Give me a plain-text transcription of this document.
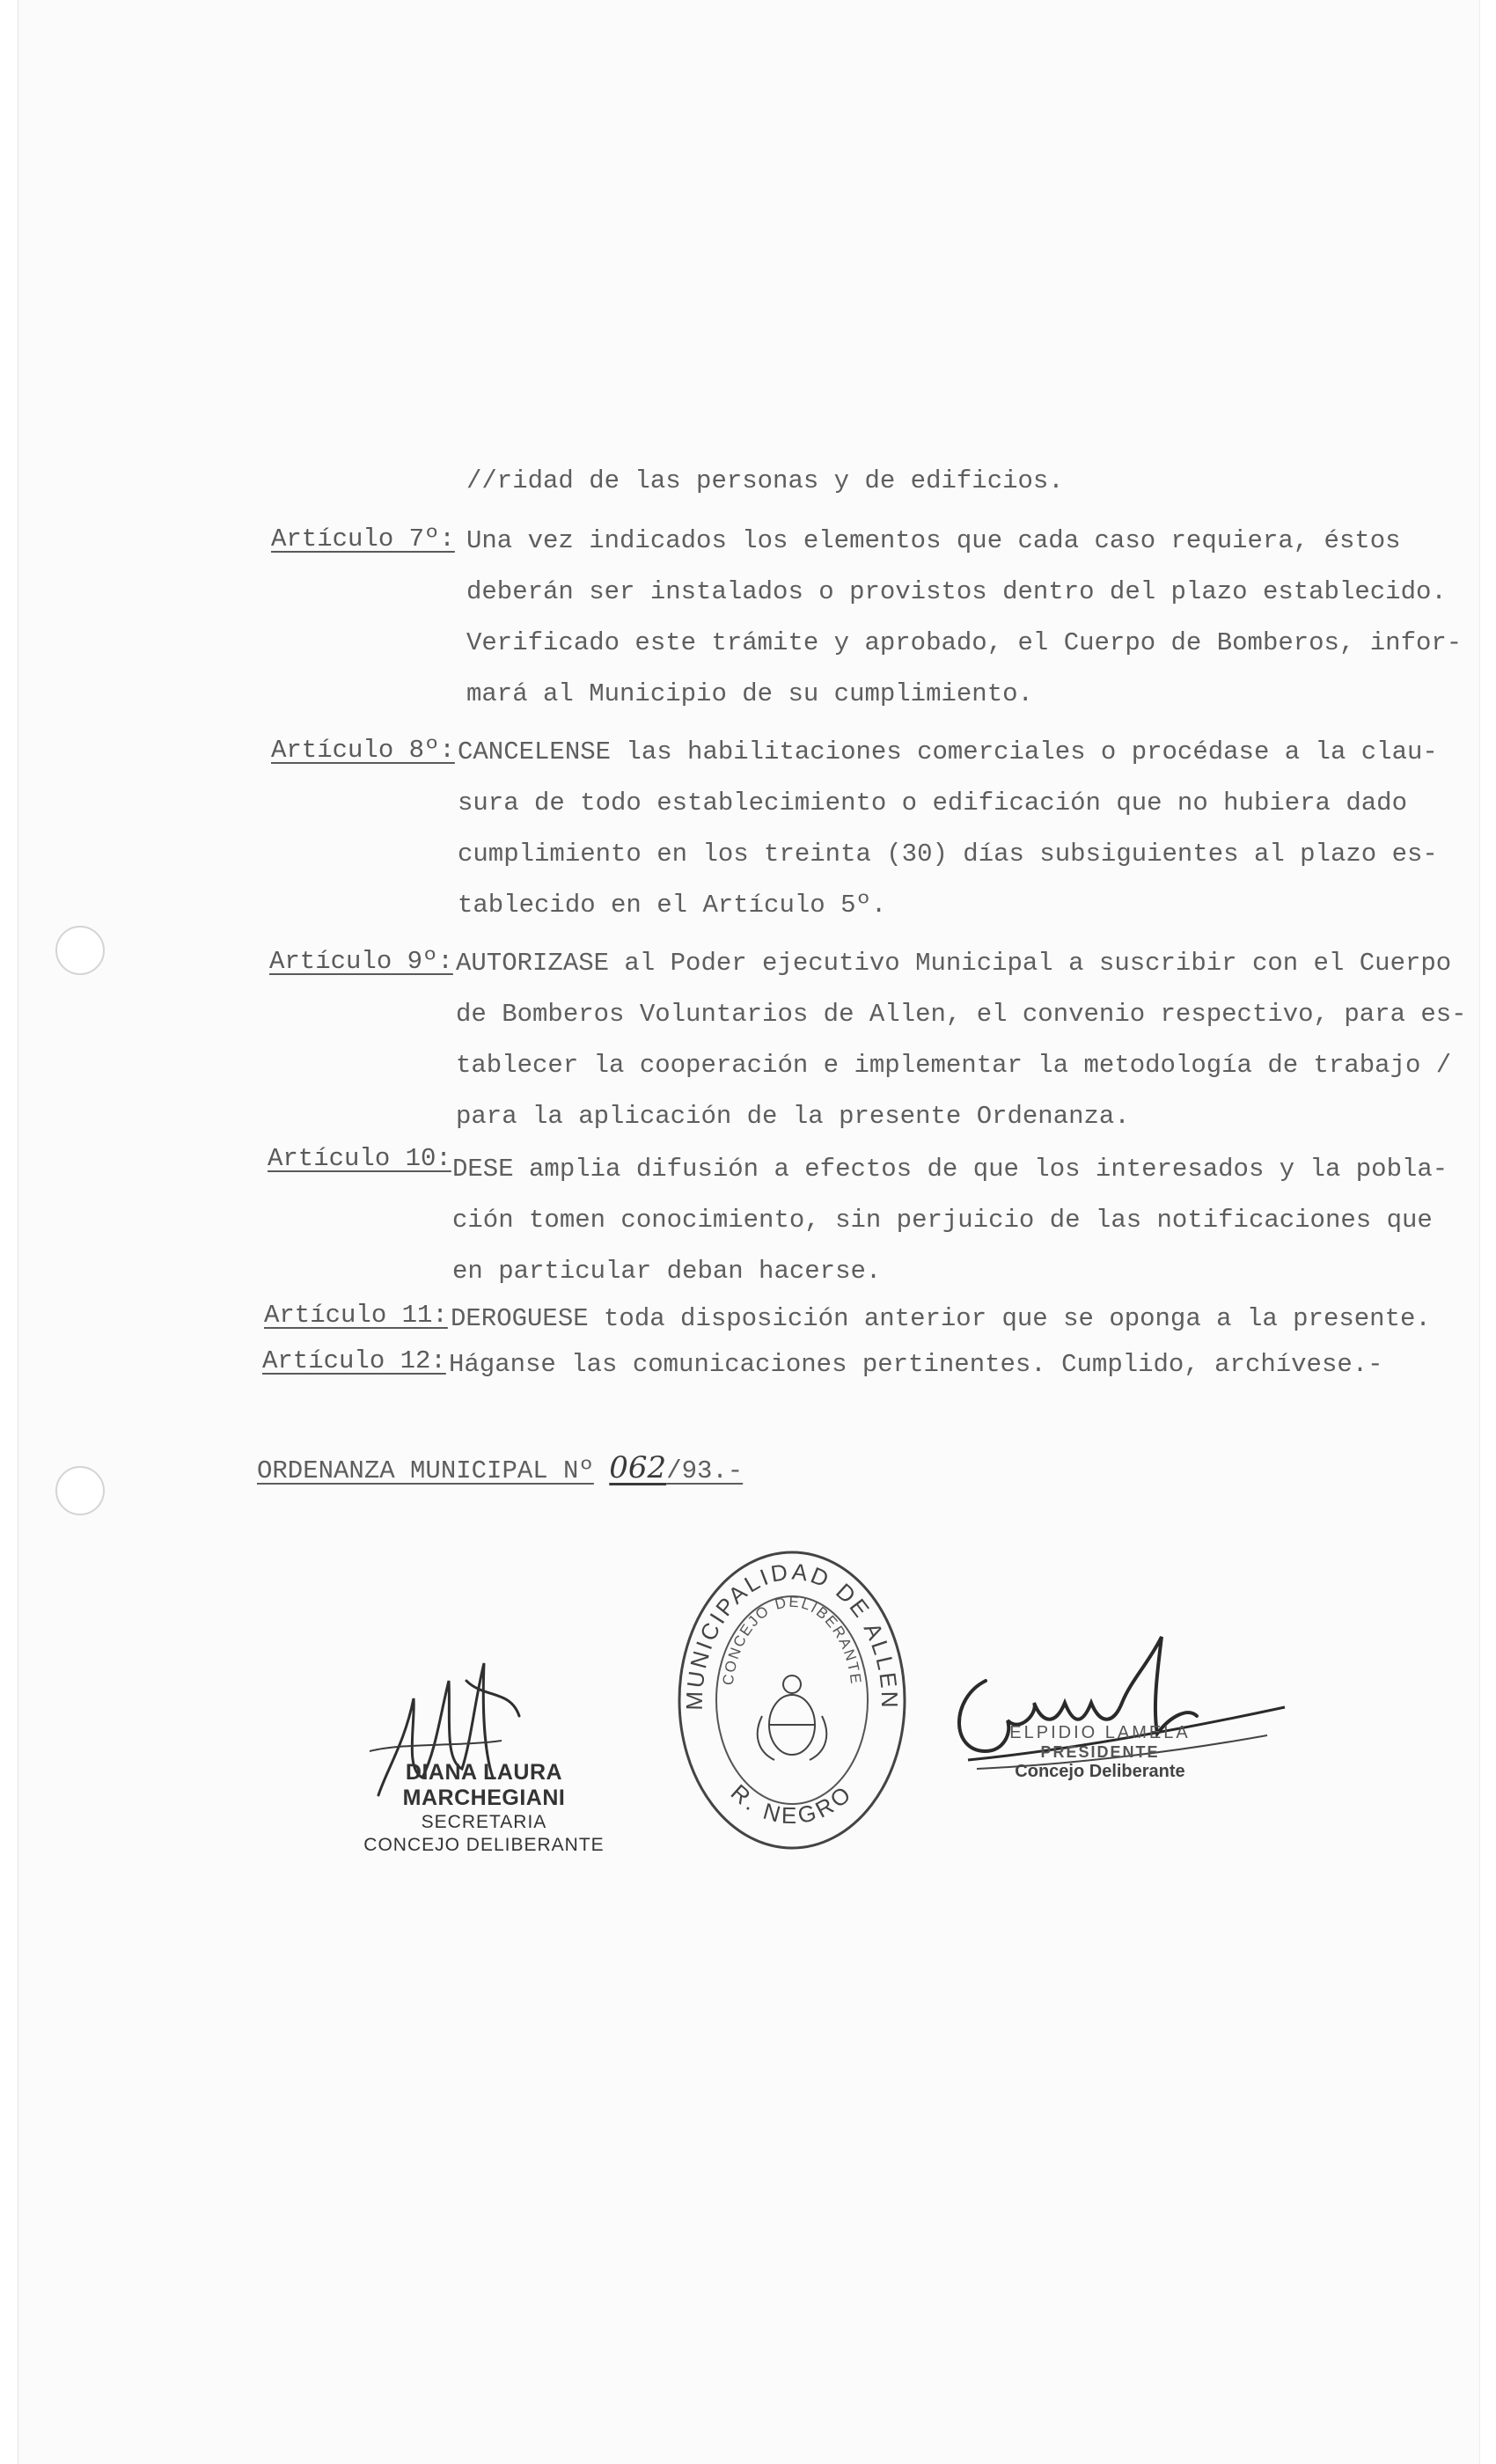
//ridad de las personas y de edificios.
Artículo 7º: Una vez indicados los elementos que cada caso requiera, éstos
deberán ser instalados o provistos dentro del plazo establecido.
Verificado este trámite y aprobado, el Cuerpo de Bomberos, infor-
mará al Municipio de su cumplimiento.
Artículo 8º: CANCELENSE las habilitaciones comerciales o procédase a la clau-
sura de todo establecimiento o edificación que no hubiera dado
cumplimiento en los treinta (30) días subsiguientes al plazo es-
tablecido en el Artículo 5º.
Artículo 9º: AUTORIZASE al Poder ejecutivo Municipal a suscribir con el Cuerpo
de Bomberos Voluntarios de Allen, el convenio respectivo, para es-
tablecer la cooperación e implementar la metodología de trabajo /
para la aplicación de la presente Ordenanza.
Artículo 10: DESE amplia difusión a efectos de que los interesados y la pobla-
ción tomen conocimiento, sin perjuicio de las notificaciones que
en particular deban hacerse.
Artículo 11: DEROGUESE toda disposición anterior que se oponga a la presente.
Artículo 12: Háganse las comunicaciones pertinentes. Cumplido, archívese.-
ORDENANZA MUNICIPAL Nº 062/93.-
DIANA LAURA MARCHEGIANI
SECRETARIA
CONCEJO DELIBERANTE
MUNICIPALIDAD DE ALLEN
CONCEJO DELIBERANTE
R. NEGRO
ELPIDIO LAMELA
PRESIDENTE
Concejo Deliberante
